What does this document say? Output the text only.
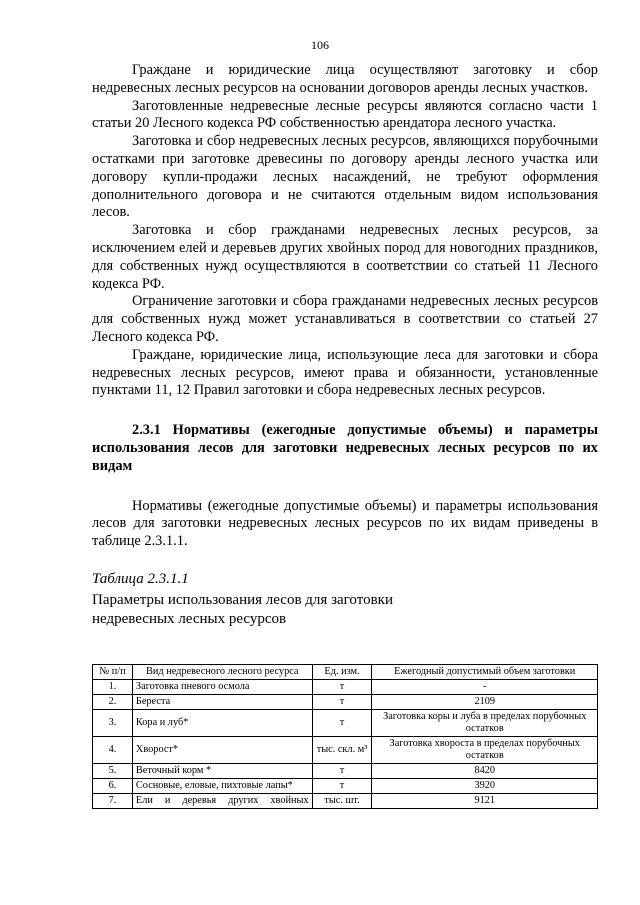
106

Граждане и юридические лица осуществляют заготовку и сбор недревесных лесных ресурсов на основании договоров аренды лесных участков.

Заготовленные недревесные лесные ресурсы являются согласно части 1 статьи 20 Лесного кодекса РФ собственностью арендатора лесного участка.

Заготовка и сбор недревесных лесных ресурсов, являющихся порубочными остатками при заготовке древесины по договору аренды лесного участка или договору купли-продажи лесных насаждений, не требуют оформления дополнительного договора и не считаются отдельным видом использования лесов.

Заготовка и сбор гражданами недревесных лесных ресурсов, за исключением елей и деревьев других хвойных пород для новогодних праздников, для собственных нужд осуществляются в соответствии со статьей 11 Лесного кодекса РФ.

Ограничение заготовки и сбора гражданами недревесных лесных ресурсов для собственных нужд может устанавливаться в соответствии со статьей 27 Лесного кодекса РФ.

Граждане, юридические лица, использующие леса для заготовки и сбора недревесных лесных ресурсов, имеют права и обязанности, установленные пунктами 11, 12 Правил заготовки и сбора недревесных лесных ресурсов.

2.3.1 Нормативы (ежегодные допустимые объемы) и параметры использования лесов для заготовки недревесных лесных ресурсов по их видам

Нормативы (ежегодные допустимые объемы) и параметры использования лесов для заготовки недревесных лесных ресурсов по их видам приведены в таблице 2.3.1.1.

Таблица 2.3.1.1

Параметры использования лесов для заготовки
недревесных лесных ресурсов

№ п/п	Вид недревесного лесного ресурса	Ед. изм.	Ежегодный допустимый объем заготовки
1.	Заготовка пневого осмола	т	-
2.	Береста	т	2109
3.	Кора и луб*	т	Заготовка коры и луба в пределах порубочных остатков
4.	Хворост*	тыс. скл. м³	Заготовка хвороста в пределах порубочных остатков
5.	Веточный корм *	т	8420
6.	Сосновые, еловые, пихтовые лапы*	т	3920
7.	Ели и деревья других хвойных	тыс. шт.	9121
